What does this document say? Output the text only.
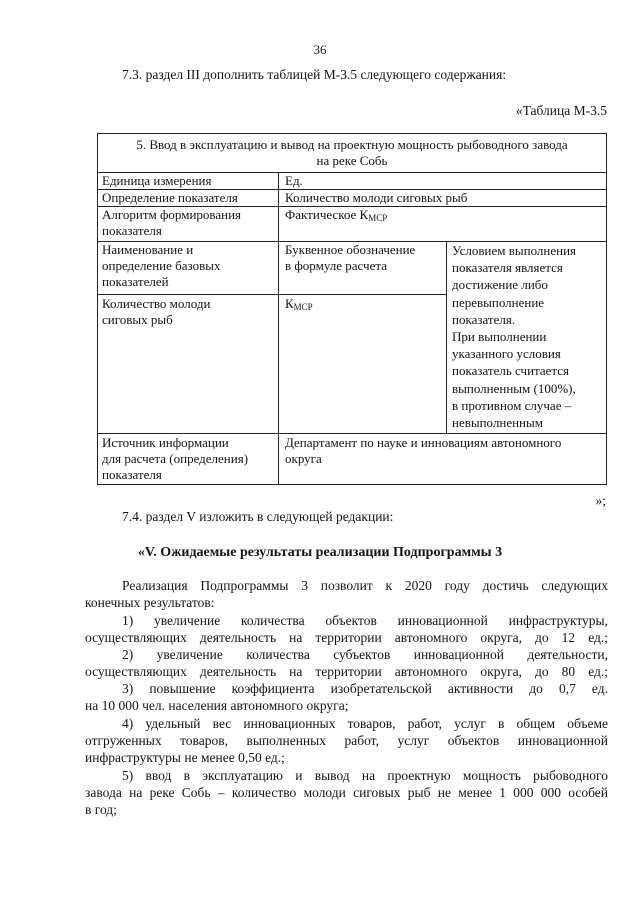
36
7.3. раздел III дополнить таблицей М-3.5 следующего содержания:
«Таблица М-3.5
5. Ввод в эксплуатацию и вывод на проектную мощность рыбоводного завода
на реке Собь
Единица измерения	Ед.
Определение показателя	Количество молоди сиговых рыб
Алгоритм формирования
показателя
Фактическое $К_{МСР}$
Наименование и
определение базовых
показателей
Буквенное обозначение
в формуле расчета
Условием выполнения
показателя является
достижение либо
перевыполнение
показателя.
При выполнении
указанного условия
показатель считается
выполненным (100%),
в противном случае –
невыполненным
Количество молоди
сиговых рыб
$К_{МСР}$
Источник информации
для расчета (определения)
показателя
Департамент по науке и инновациям автономного
округа
»;
7.4. раздел V изложить в следующей редакции:
«V. Ожидаемые результаты реализации Подпрограммы 3
Реализация Подпрограммы 3 позволит к 2020 году достичь следующих
конечных результатов:
1) увеличение количества объектов инновационной инфраструктуры,
осуществляющих деятельность на территории автономного округа, до 12 ед.;
2) увеличение количества субъектов инновационной деятельности,
осуществляющих деятельность на территории автономного округа, до 80 ед.;
3) повышение коэффициента изобретательской активности до 0,7 ед.
на 10 000 чел. населения автономного округа;
4) удельный вес инновационных товаров, работ, услуг в общем объеме
отгруженных товаров, выполненных работ, услуг объектов инновационной
инфраструктуры не менее 0,50 ед.;
5) ввод в эксплуатацию и вывод на проектную мощность рыбоводного
завода на реке Собь – количество молоди сиговых рыб не менее 1 000 000 особей
в год;
